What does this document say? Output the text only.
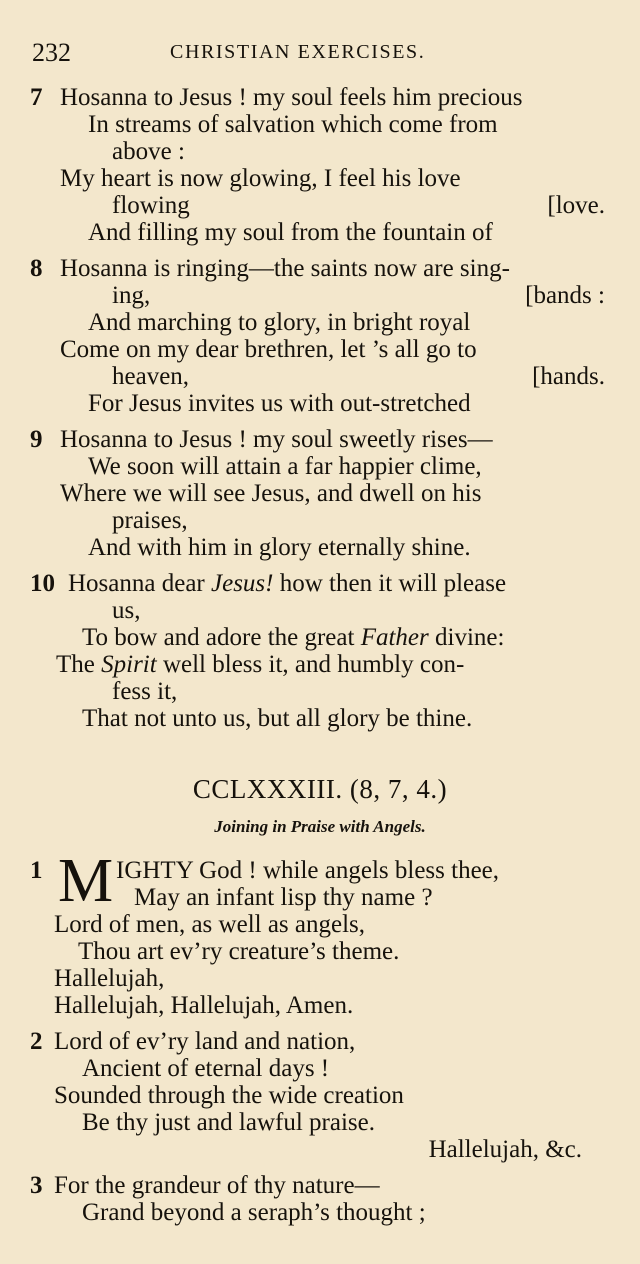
232	CHRISTIAN EXERCISES.
7 Hosanna to Jesus ! my soul feels him precious
In streams of salvation which come from
above :
My heart is now glowing, I feel his love
flowing	[love.
And filling my soul from the fountain of
8 Hosanna is ringing—the saints now are sing-
ing,	[bands :
And marching to glory, in bright royal
Come on my dear brethren, let ’s all go to
heaven,	[hands.
For Jesus invites us with out-stretched
9 Hosanna to Jesus ! my soul sweetly rises—
We soon will attain a far happier clime,
Where we will see Jesus, and dwell on his
praises,
And with him in glory eternally shine.
10 Hosanna dear Jesus! how then it will please
us,
To bow and adore the great Father divine:
The Spirit well bless it, and humbly con-
fess it,
That not unto us, but all glory be thine.
CCLXXXIII. (8, 7, 4.)
Joining in Praise with Angels.
1 M IGHTY God ! while angels bless thee,
May an infant lisp thy name ?
Lord of men, as well as angels,
Thou art ev’ry creature’s theme.
Hallelujah,
Hallelujah, Hallelujah, Amen.
2 Lord of ev’ry land and nation,
Ancient of eternal days !
Sounded through the wide creation
Be thy just and lawful praise.
Hallelujah, &c.
3 For the grandeur of thy nature—
Grand beyond a seraph’s thought ;
